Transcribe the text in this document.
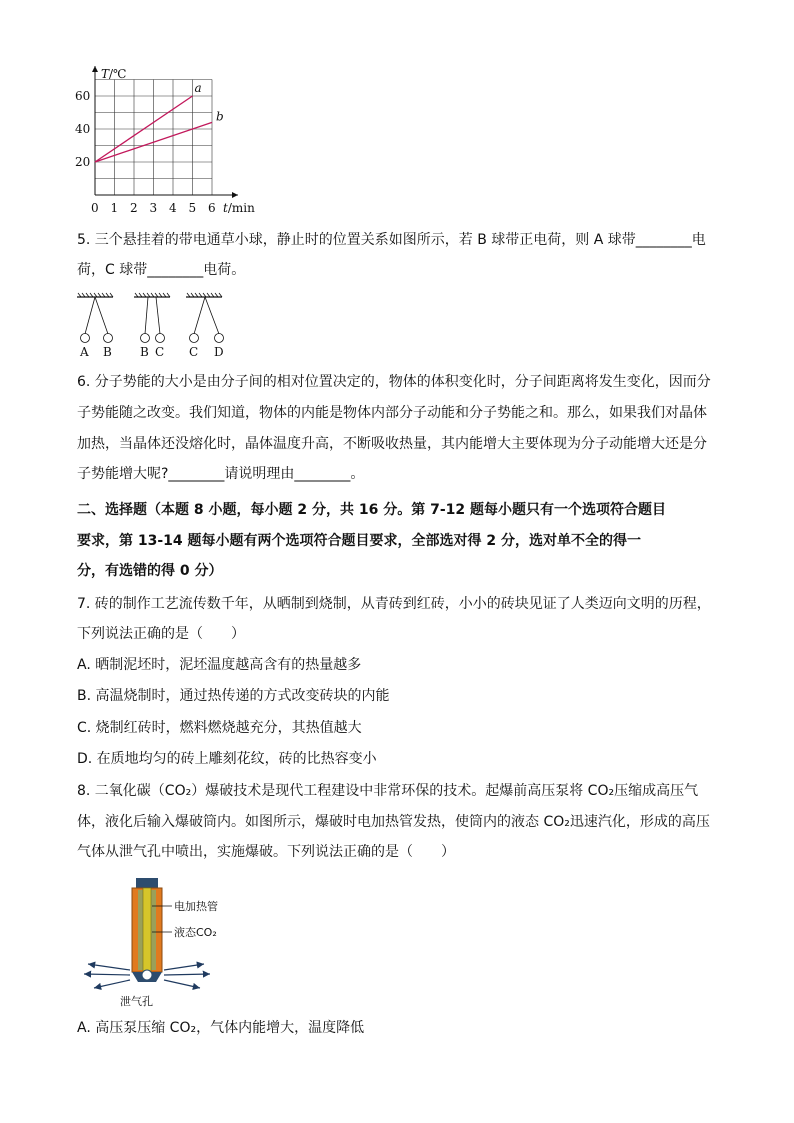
T/℃
t/min
20
40
60
0 1 2 3 4 5 6
a
b
5. 三个悬挂着的带电通草小球，静止时的位置关系如图所示，若 B 球带正电荷，则 A 球带________电
荷，C 球带________电荷。
A B B C C D
6. 分子势能的大小是由分子间的相对位置决定的，物体的体积变化时，分子间距离将发生变化，因而分
子势能随之改变。我们知道，物体的内能是物体内部分子动能和分子势能之和。那么，如果我们对晶体
加热，当晶体还没熔化时，晶体温度升高，不断吸收热量，其内能增大主要体现为分子动能增大还是分
子势能增大呢?________请说明理由________。
二、选择题（本题 8 小题，每小题 2 分，共 16 分。第 7-12 题每小题只有一个选项符合题目
要求，第 13-14 题每小题有两个选项符合题目要求，全部选对得 2 分，选对单不全的得一
分，有选错的得 0 分）
7. 砖的制作工艺流传数千年，从晒制到烧制，从青砖到红砖，小小的砖块见证了人类迈向文明的历程，
下列说法正确的是（　　）
A. 晒制泥坯时，泥坯温度越高含有的热量越多
B. 高温烧制时，通过热传递的方式改变砖块的内能
C. 烧制红砖时，燃料燃烧越充分，其热值越大
D. 在质地均匀的砖上雕刻花纹，砖的比热容变小
8. 二氧化碳（CO₂）爆破技术是现代工程建设中非常环保的技术。起爆前高压泵将 CO₂压缩成高压气
体，液化后输入爆破筒内。如图所示，爆破时电加热管发热，使筒内的液态 CO₂迅速汽化，形成的高压
气体从泄气孔中喷出，实施爆破。下列说法正确的是（　　）
电加热管
液态CO₂
泄气孔
A. 高压泵压缩 CO₂，气体内能增大，温度降低
